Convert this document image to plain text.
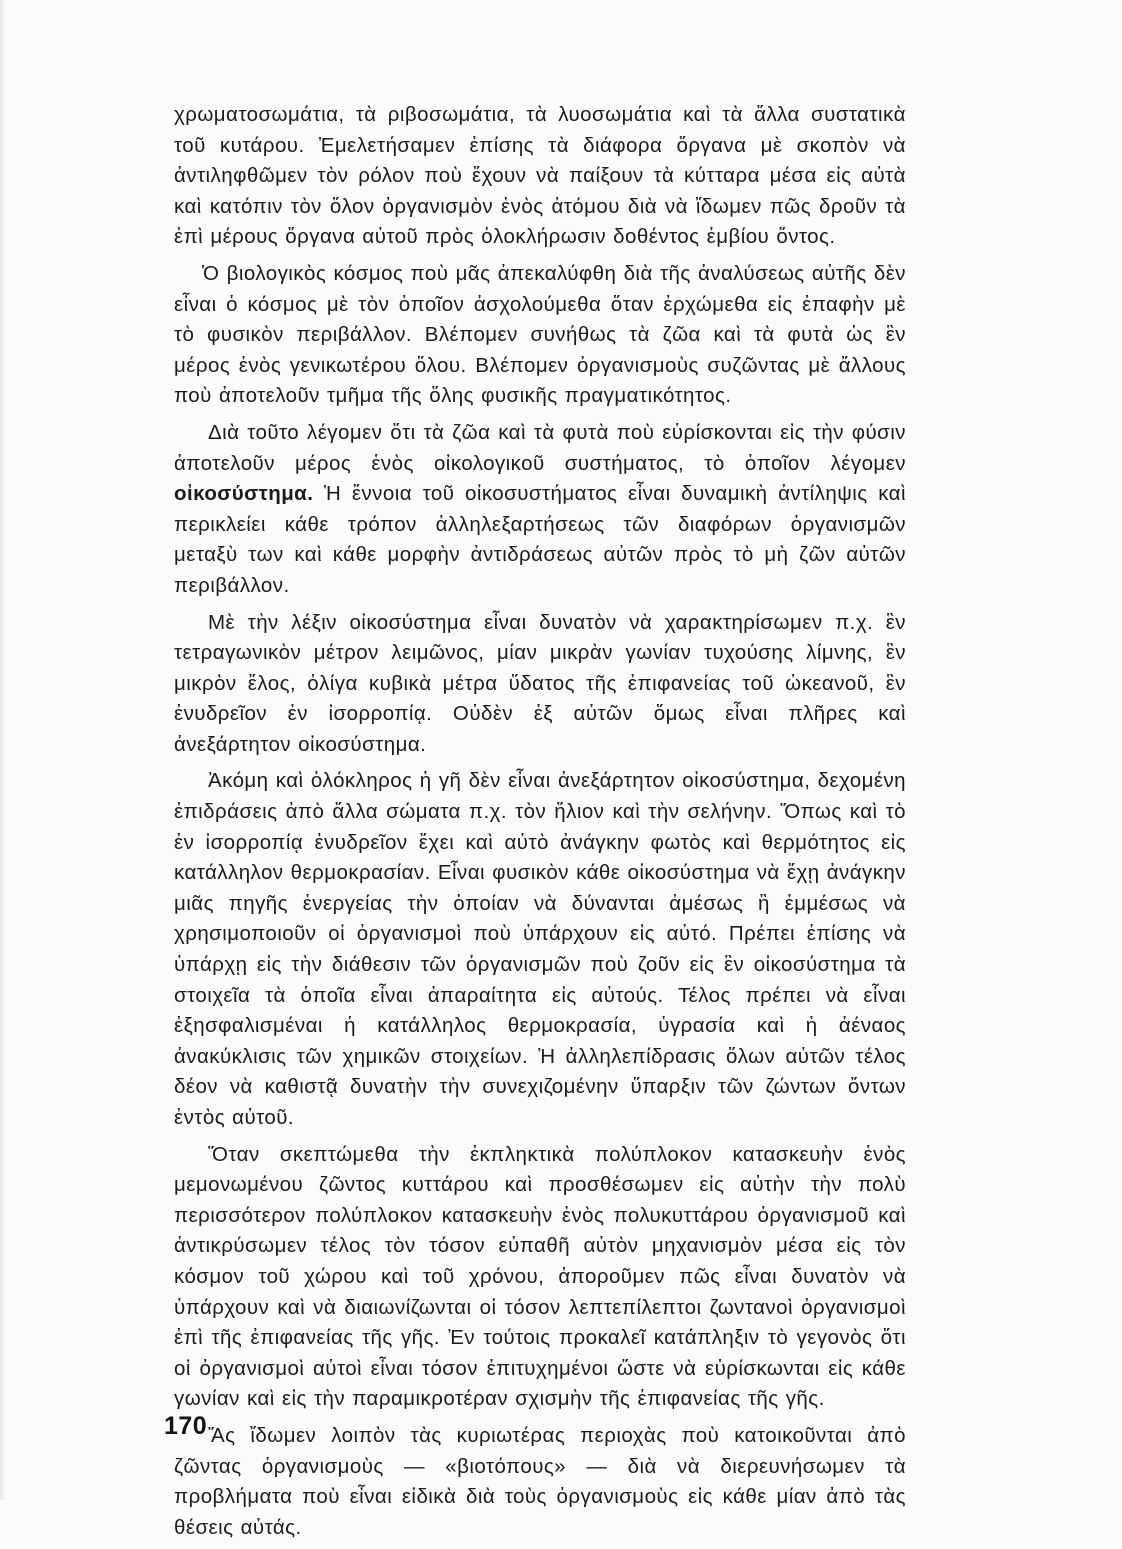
χρωματοσωμάτια, τὰ ριβοσωμάτια, τὰ λυοσωμάτια καὶ τὰ ἄλλα συστατικὰ τοῦ κυτάρου. Ἐμελετήσαμεν ἐπίσης τὰ διάφορα ὄργανα μὲ σκοπὸν νὰ ἀντιληφθῶμεν τὸν ρόλον ποὺ ἔχουν νὰ παίξουν τὰ κύτταρα μέσα εἰς αὐτὰ καὶ κατόπιν τὸν ὅλον ὀργανισμὸν ἑνὸς ἀτόμου διὰ νὰ ἴδωμεν πῶς δροῦν τὰ ἐπὶ μέρους ὄργανα αὐτοῦ πρὸς ὁλοκλήρωσιν δοθέντος ἐμβίου ὄντος.

Ὁ βιολογικὸς κόσμος ποὺ μᾶς ἀπεκαλύφθη διὰ τῆς ἀναλύσεως αὐτῆς δὲν εἶναι ὁ κόσμος μὲ τὸν ὁποῖον ἀσχολούμεθα ὅταν ἐρχώμεθα εἰς ἐπαφὴν μὲ τὸ φυσικὸν περιβάλλον. Βλέπομεν συνήθως τὰ ζῶα καὶ τὰ φυτὰ ὡς ἓν μέρος ἑνὸς γενικωτέρου ὅλου. Βλέπομεν ὀργανισμοὺς συζῶντας μὲ ἄλλους ποὺ ἀποτελοῦν τμῆμα τῆς ὅλης φυσικῆς πραγματικότητος.

Διὰ τοῦτο λέγομεν ὅτι τὰ ζῶα καὶ τὰ φυτὰ ποὺ εὑρίσκονται εἰς τὴν φύσιν ἀποτελοῦν μέρος ἑνὸς οἰκολογικοῦ συστήματος, τὸ ὁποῖον λέγομεν οἰκοσύστημα. Ἡ ἔννοια τοῦ οἰκοσυστήματος εἶναι δυναμικὴ ἀντίληψις καὶ περικλείει κάθε τρόπον ἀλληλεξαρτήσεως τῶν διαφόρων ὀργανισμῶν μεταξὺ των καὶ κάθε μορφὴν ἀντιδράσεως αὐτῶν πρὸς τὸ μὴ ζῶν αὐτῶν περιβάλλον.

Μὲ τὴν λέξιν οἰκοσύστημα εἶναι δυνατὸν νὰ χαρακτηρίσωμεν π.χ. ἓν τετραγωνικὸν μέτρον λειμῶνος, μίαν μικρὰν γωνίαν τυχούσης λίμνης, ἓν μικρὸν ἕλος, ὀλίγα κυβικὰ μέτρα ὕδατος τῆς ἐπιφανείας τοῦ ὠκεανοῦ, ἓν ἐνυδρεῖον ἐν ἰσορροπίᾳ. Οὐδὲν ἐξ αὐτῶν ὅμως εἶναι πλῆρες καὶ ἀνεξάρτητον οἰκοσύστημα.

Ἀκόμη καὶ ὁλόκληρος ἡ γῆ δὲν εἶναι ἀνεξάρτητον οἰκοσύστημα, δεχομένη ἐπιδράσεις ἀπὸ ἄλλα σώματα π.χ. τὸν ἥλιον καὶ τὴν σελήνην. Ὅπως καὶ τὸ ἐν ἰσορροπίᾳ ἐνυδρεῖον ἔχει καὶ αὐτὸ ἀνάγκην φωτὸς καὶ θερμότητος εἰς κατάλληλον θερμοκρασίαν. Εἶναι φυσικὸν κάθε οἰκοσύστημα νὰ ἔχῃ ἀνάγκην μιᾶς πηγῆς ἐνεργείας τὴν ὁποίαν νὰ δύνανται ἀμέσως ἢ ἐμμέσως νὰ χρησιμοποιοῦν οἱ ὀργανισμοὶ ποὺ ὑπάρχουν εἰς αὐτό. Πρέπει ἐπίσης νὰ ὑπάρχῃ εἰς τὴν διάθεσιν τῶν ὀργανισμῶν ποὺ ζοῦν εἰς ἓν οἰκοσύστημα τὰ στοιχεῖα τὰ ὁποῖα εἶναι ἀπαραίτητα εἰς αὐτούς. Τέλος πρέπει νὰ εἶναι ἐξησφαλισμέναι ἡ κατάλληλος θερμοκρασία, ὑγρασία καὶ ἡ ἀέναος ἀνακύκλισις τῶν χημικῶν στοιχείων. Ἡ ἀλληλεπίδρασις ὅλων αὐτῶν τέλος δέον νὰ καθιστᾷ δυνατὴν τὴν συνεχιζομένην ὕπαρξιν τῶν ζώντων ὄντων ἐντὸς αὐτοῦ.

Ὅταν σκεπτώμεθα τὴν ἐκπληκτικὰ πολύπλοκον κατασκευὴν ἑνὸς μεμονωμένου ζῶντος κυττάρου καὶ προσθέσωμεν εἰς αὐτὴν τὴν πολὺ περισσότερον πολύπλοκον κατασκευὴν ἑνὸς πολυκυττάρου ὀργανισμοῦ καὶ ἀντικρύσωμεν τέλος τὸν τόσον εὐπαθῆ αὐτὸν μηχανισμὸν μέσα εἰς τὸν κόσμον τοῦ χώρου καὶ τοῦ χρόνου, ἀπορoῦμεν πῶς εἶναι δυνατὸν νὰ ὑπάρχουν καὶ νὰ διαιωνίζωνται οἱ τόσον λεπτεπίλεπτοι ζωντανοὶ ὀργανισμοὶ ἐπὶ τῆς ἐπιφανείας τῆς γῆς. Ἐν τούτοις προκαλεῖ κατάπληξιν τὸ γεγονὸς ὅτι οἱ ὀργανισμοὶ αὐτοὶ εἶναι τόσον ἐπιτυχημένοι ὥστε νὰ εὑρίσκωνται εἰς κάθε γωνίαν καὶ εἰς τὴν παραμικροτέραν σχισμὴν τῆς ἐπιφανείας τῆς γῆς.

Ἄς ἴδωμεν λοιπὸν τὰς κυριωτέρας περιοχὰς ποὺ κατοικοῦνται ἀπὸ ζῶντας ὀργανισμοὺς — «βιοτόπους» — διὰ νὰ διερευνήσωμεν τὰ προβλήματα ποὺ εἶναι εἰδικὰ διὰ τοὺς ὀργανισμοὺς εἰς κάθε μίαν ἀπὸ τὰς θέσεις αὐτάς.

170
